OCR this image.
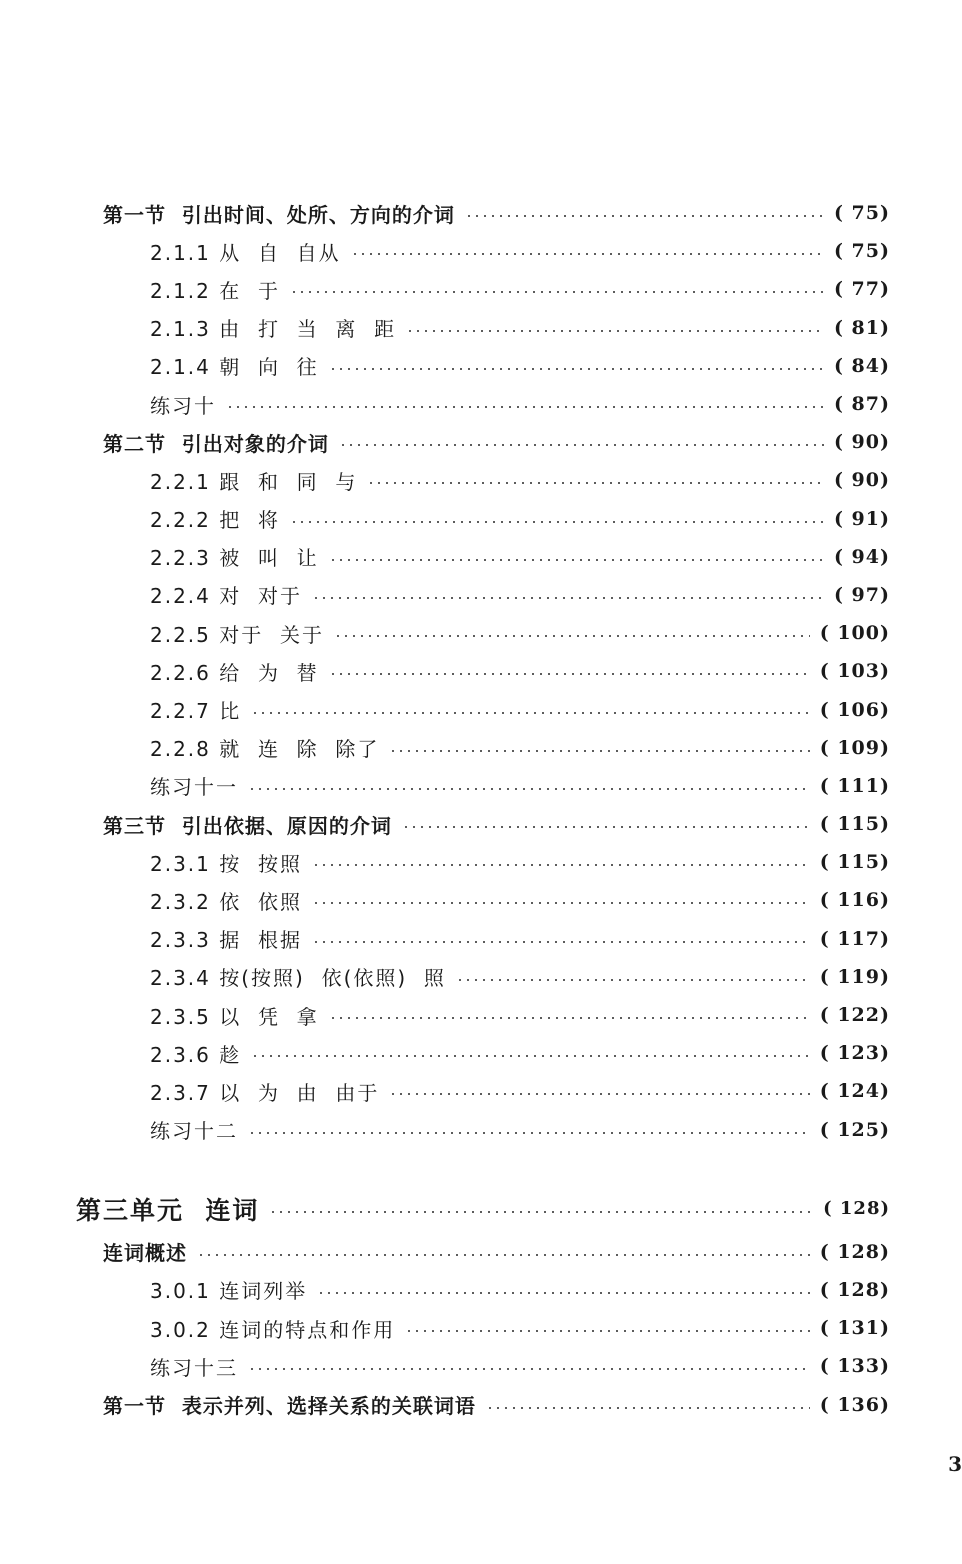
第一节  引出时间、处所、方向的介词	( 75)
2.1.1 从  自  自从	( 75)
2.1.2 在  于	( 77)
2.1.3 由  打  当  离  距	( 81)
2.1.4 朝  向  往	( 84)
练习十	( 87)
第二节  引出对象的介词	( 90)
2.2.1 跟  和  同  与	( 90)
2.2.2 把  将	( 91)
2.2.3 被  叫  让	( 94)
2.2.4 对  对于	( 97)
2.2.5 对于  关于	( 100)
2.2.6 给  为  替	( 103)
2.2.7 比	( 106)
2.2.8 就  连  除  除了	( 109)
练习十一	( 111)
第三节  引出依据、原因的介词	( 115)
2.3.1 按  按照	( 115)
2.3.2 依  依照	( 116)
2.3.3 据  根据	( 117)
2.3.4 按(按照)  依(依照)  照	( 119)
2.3.5 以  凭  拿	( 122)
2.3.6 趁	( 123)
2.3.7 以  为  由  由于	( 124)
练习十二	( 125)
第三单元  连词	( 128)
连词概述	( 128)
3.0.1 连词列举	( 128)
3.0.2 连词的特点和作用	( 131)
练习十三	( 133)
第一节  表示并列、选择关系的关联词语	( 136)
3
